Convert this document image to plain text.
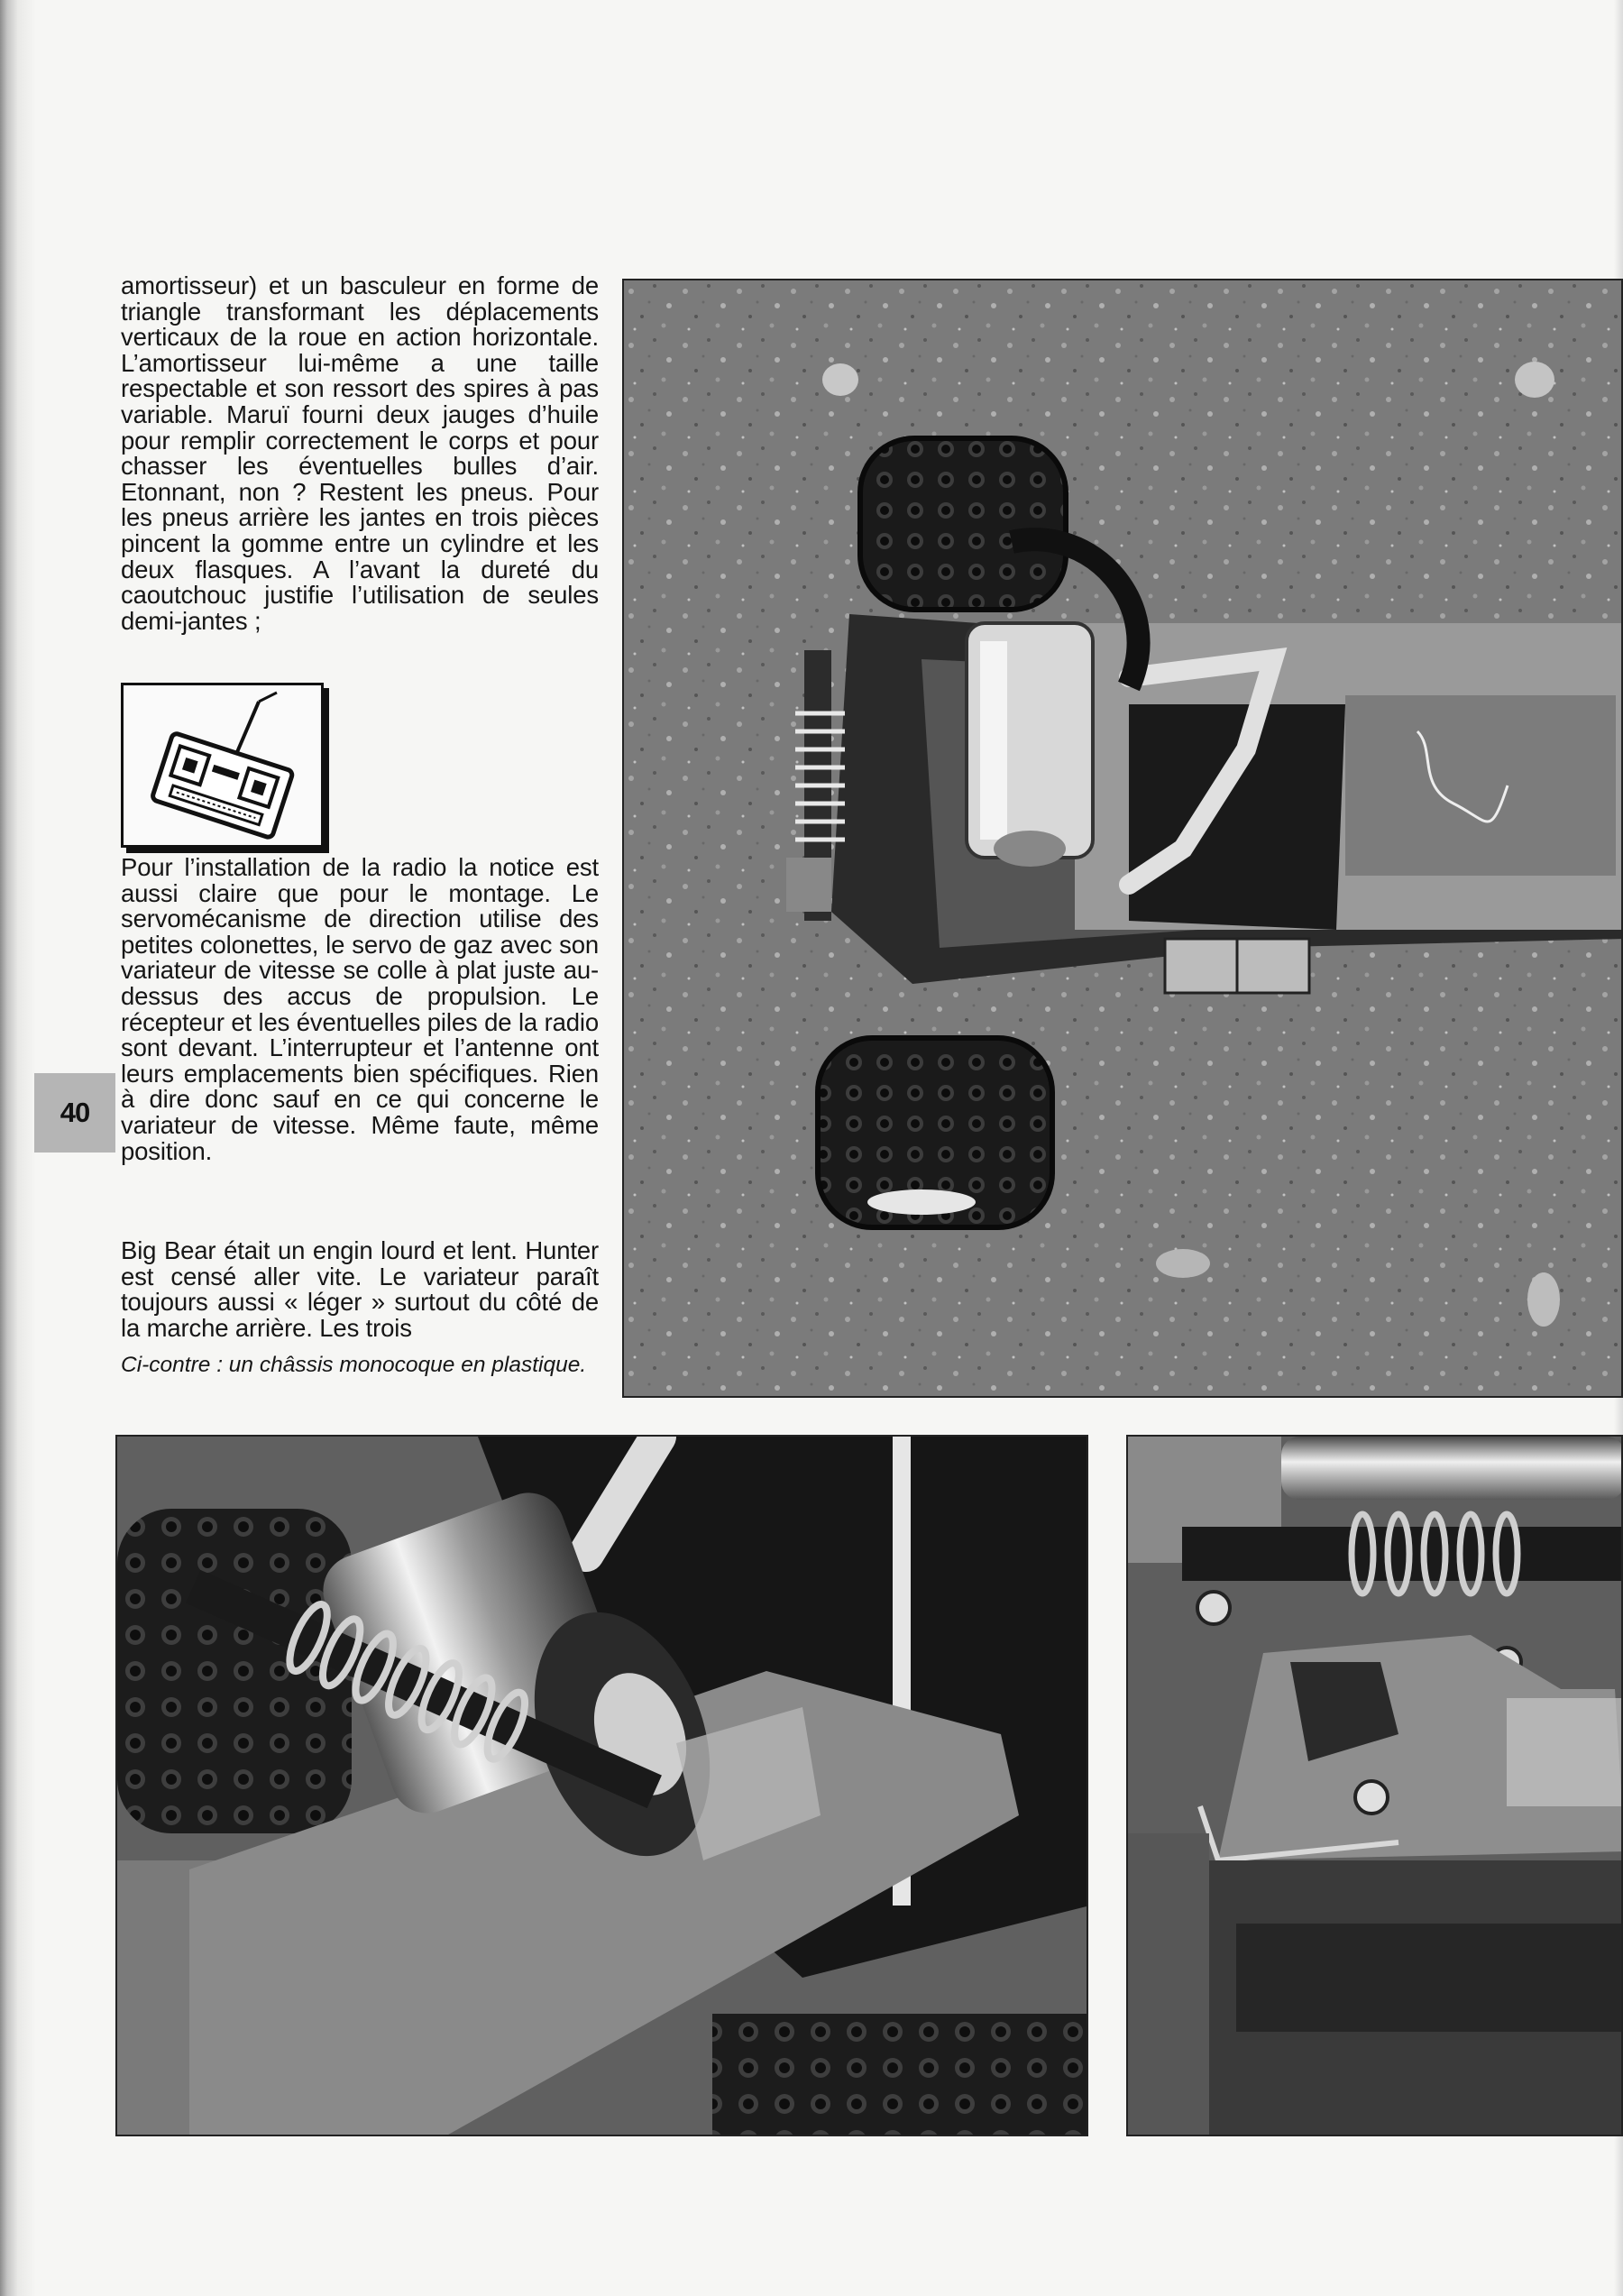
amortisseur) et un basculeur en forme de triangle transformant les déplacements verticaux de la roue en action horizontale. L’amortisseur lui-même a une taille respectable et son ressort des spires à pas variable. Maruï fourni deux jauges d’huile pour remplir correctement le corps et pour chasser les éventuelles bulles d’air. Etonnant, non ? Restent les pneus. Pour les pneus arrière les jantes en trois pièces pincent la gomme entre un cylindre et les deux flasques. A l’avant la dureté du caoutchouc justifie l’utilisation de seules demi-jantes ;

Pour l’installation de la radio la notice est aussi claire que pour le montage. Le servomécanisme de direction utilise des petites colonettes, le servo de gaz avec son variateur de vitesse se colle à plat juste au-dessus des accus de propulsion. Le récepteur et les éventuelles piles de la radio sont devant. L’interrupteur et l’antenne ont leurs emplacements bien spécifiques. Rien à dire donc sauf en ce qui concerne le variateur de vitesse. Même faute, même position.

Big Bear était un engin lourd et lent. Hunter est censé aller vite. Le variateur paraît toujours aussi « léger » surtout du côté de la marche arrière. Les trois

Ci-contre : un châssis monocoque en plastique.
40
